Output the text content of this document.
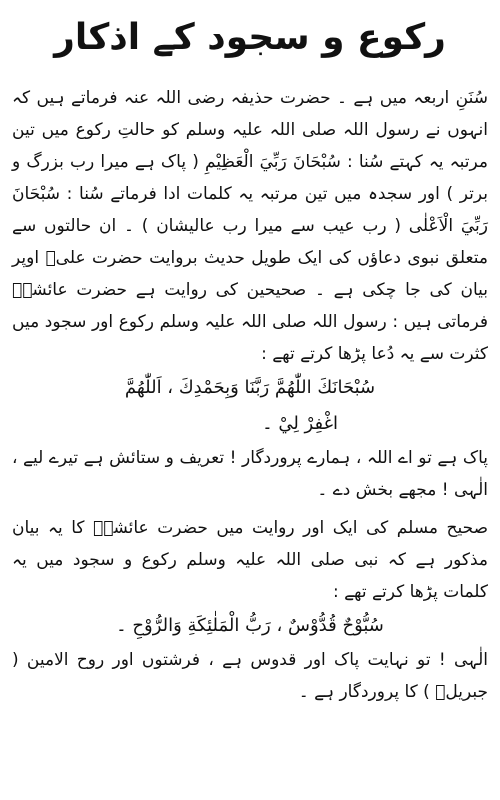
رکوع و سجود کے اذکار

سُنَنِ اربعہ میں ہے ۔ حضرت حذیفہ رضی اللہ عنہ فرماتے ہیں کہ انہوں نے رسول اللہ صلی اللہ علیہ وسلم کو حالتِ رکوع میں تین مرتبہ یہ کہتے سُنا : سُبْحَانَ رَبِّيَ الْعَظِيْمِ ( پاک ہے میرا رب بزرگ و برتر ) اور سجدہ میں تین مرتبہ یہ کلمات ادا فرماتے سُنا : سُبْحَانَ رَبِّيَ الْاَعْلٰى ( رب عیب سے میرا رب عالیشان ) ۔ ان حالتوں سے متعلق نبوی دعاؤں کی ایک طویل حدیث بروایت حضرت علیؓ اوپر بیان کی جا چکی ہے ۔ صحیحین کی روایت ہے حضرت عائشہؓ فرماتی ہیں : رسول اللہ صلی اللہ علیہ وسلم رکوع اور سجود میں کثرت سے یہ دُعا پڑھا کرتے تھے :

سُبْحَانَكَ اللّٰهُمَّ رَبَّنَا وَبِحَمْدِكَ ، اَللّٰهُمَّ

اغْفِرْ لِيْ ۔

پاک ہے تو اے اللہ ، ہمارے پروردگار ! تعریف و ستائش ہے تیرے لیے ، الٰہی ! مجھے بخش دے ۔

صحیح مسلم کی ایک اور روایت میں حضرت عائشہؓ کا یہ بیان مذکور ہے کہ نبی صلی اللہ علیہ وسلم رکوع و سجود میں یہ کلمات پڑھا کرتے تھے :

سُبُّوْحٌ قُدُّوْسٌ ، رَبُّ الْمَلٰئِكَةِ وَالرُّوْحِ ۔

الٰہی ! تو نہایت پاک اور قدوس ہے ، فرشتوں اور روح الامین ( جبریلؑ ) کا پروردگار ہے ۔
